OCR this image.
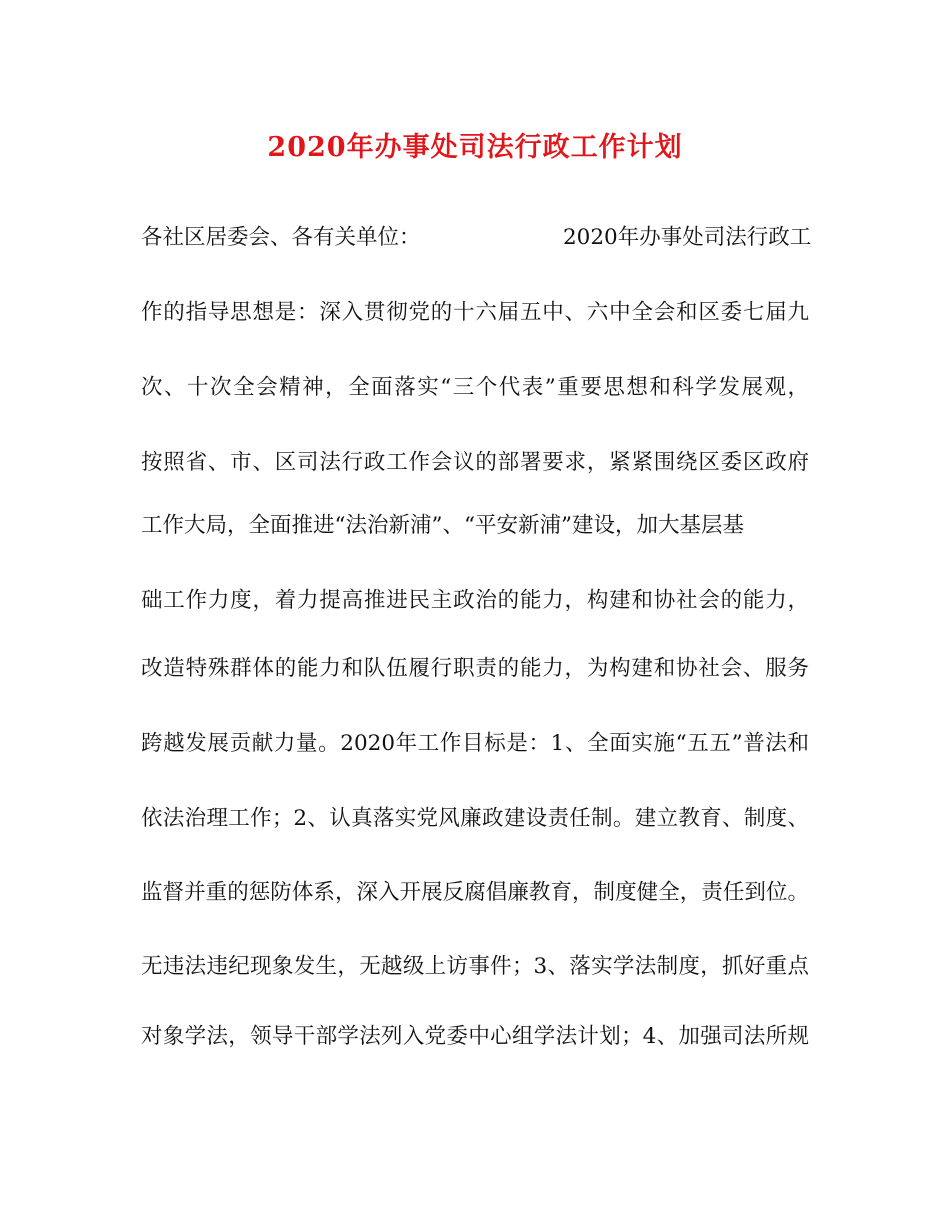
2020年办事处司法行政工作计划
各社区居委会、各有关单位：	2020年办事处司法行政工
作的指导思想是：深入贯彻党的十六届五中、六中全会和区委七届九
次、十次全会精神，全面落实“三个代表”重要思想和科学发展观，
按照省、市、区司法行政工作会议的部署要求，紧紧围绕区委区政府
工作大局，全面推进“法治新浦”、“平安新浦”建设，加大基层基
础工作力度，着力提高推进民主政治的能力，构建和协社会的能力，
改造特殊群体的能力和队伍履行职责的能力，为构建和协社会、服务
跨越发展贡献力量。2020年工作目标是：1、全面实施“五五”普法和
依法治理工作；2、认真落实党风廉政建设责任制。建立教育、制度、
监督并重的惩防体系，深入开展反腐倡廉教育，制度健全，责任到位。
无违法违纪现象发生，无越级上访事件；3、落实学法制度，抓好重点
对象学法，领导干部学法列入党委中心组学法计划；4、加强司法所规
